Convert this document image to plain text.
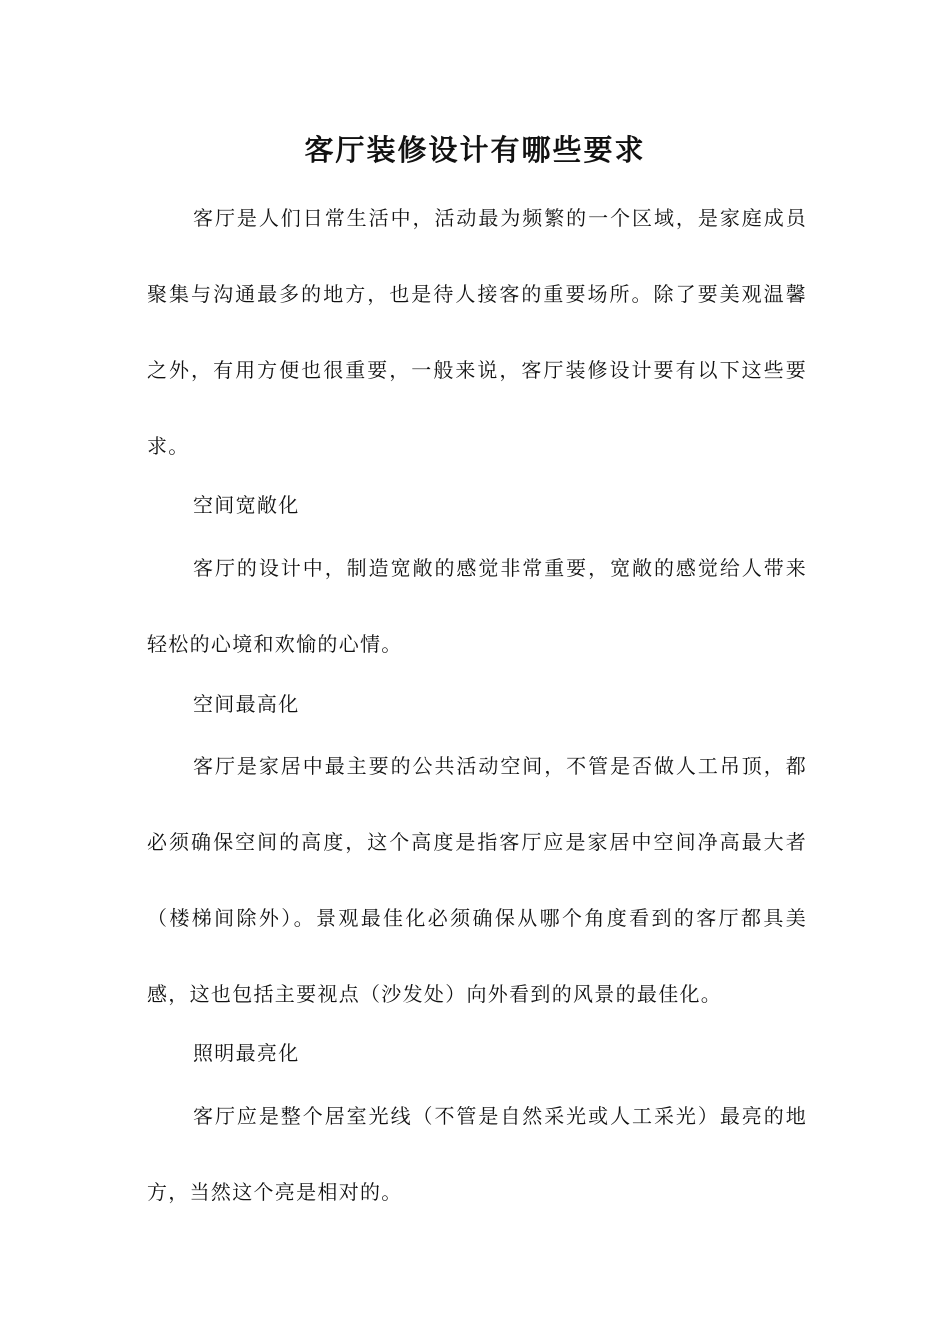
客厅装修设计有哪些要求

客厅是人们日常生活中，活动最为频繁的一个区域，是家庭成员聚集与沟通最多的地方，也是待人接客的重要场所。除了要美观温馨之外，有用方便也很重要，一般来说，客厅装修设计要有以下这些要求。

空间宽敞化

客厅的设计中，制造宽敞的感觉非常重要，宽敞的感觉给人带来轻松的心境和欢愉的心情。

空间最高化

客厅是家居中最主要的公共活动空间，不管是否做人工吊顶，都必须确保空间的高度，这个高度是指客厅应是家居中空间净高最大者（楼梯间除外）。景观最佳化必须确保从哪个角度看到的客厅都具美感，这也包括主要视点（沙发处）向外看到的风景的最佳化。

照明最亮化

客厅应是整个居室光线（不管是自然采光或人工采光）最亮的地方，当然这个亮是相对的。
